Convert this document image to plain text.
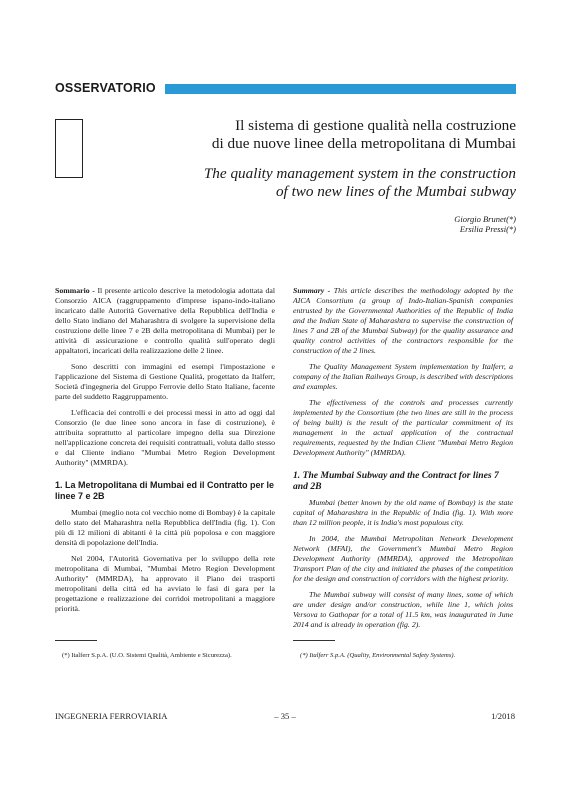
OSSERVATORIO
Il sistema di gestione qualità nella costruzione
di due nuove linee della metropolitana di Mumbai
The quality management system in the construction
of two new lines of the Mumbai subway
Giorgio Brunet(*)
Ersilia Pressi(*)

Sommario - Il presente articolo descrive la metodologia adottata dal Consorzio AICA (raggruppamento d'imprese ispano-indo-italiano incaricato dalle Autorità Governative della Repubblica dell'India e dello Stato indiano del Maharashtra di svolgere la supervisione della costruzione delle linee 7 e 2B della metropolitana di Mumbai) per le attività di assicurazione e controllo qualità sull'operato degli appaltatori, incaricati della realizzazione delle 2 linee.

Sono descritti con immagini ed esempi l'impostazione e l'applicazione del Sistema di Gestione Qualità, progettato da Italferr, Società d'ingegneria del Gruppo Ferrovie dello Stato Italiane, facente parte del suddetto Raggruppamento.

L'efficacia dei controlli e dei processi messi in atto ad oggi dal Consorzio (le due linee sono ancora in fase di costruzione), è attribuita soprattutto al particolare impegno della sua Direzione nell'applicazione concreta dei requisiti contrattuali, voluta dallo stesso e dal Cliente indiano "Mumbai Metro Region Development Authority" (MMRDA).

1. La Metropolitana di Mumbai ed il Contratto per le linee 7 e 2B

Mumbai (meglio nota col vecchio nome di Bombay) è la capitale dello stato del Maharashtra nella Repubblica dell'India (fig. 1). Con più di 12 milioni di abitanti è la città più popolosa e con maggiore densità di popolazione dell'India.

Nel 2004, l'Autorità Governativa per lo sviluppo della rete metropolitana di Mumbai, "Mumbai Metro Region Development Authority" (MMRDA), ha approvato il Piano dei trasporti metropolitani della città ed ha avviato le fasi di gara per la progettazione e realizzazione dei corridoi metropolitani a maggiore priorità.

Summary - This article describes the methodology adopted by the AICA Consortium (a group of Indo-Italian-Spanish companies entrusted by the Governmental Authorities of the Republic of India and the Indian State of Maharashtra to supervise the construction of lines 7 and 2B of the Mumbai Subway) for the quality assurance and quality control activities of the contractors responsible for the construction of the 2 lines.

The Quality Management System implementation by Italferr, a company of the Italian Railways Group, is described with descriptions and examples.

The effectiveness of the controls and processes currently implemented by the Consortium (the two lines are still in the process of being built) is the result of the particular commitment of its management in the actual application of the contractual requirements, requested by the Indian Client "Mumbai Metro Region Development Authority" (MMRDA).

1. The Mumbai Subway and the Contract for lines 7 and 2B

Mumbai (better known by the old name of Bombay) is the state capital of Maharashtra in the Republic of India (fig. 1). With more than 12 million people, it is India's most populous city.

In 2004, the Mumbai Metropolitan Network Development Network (MFAI), the Government's Mumbai Metro Region Development Authority (MMRDA), approved the Metropolitan Transport Plan of the city and initiated the phases of the competition for the design and construction of corridors with the highest priority.

The Mumbai subway will consist of many lines, some of which are under design and/or construction, while line 1, which joins Versova to Gathopar for a total of 11.5 km, was inaugurated in June 2014 and is already in operation (fig. 2).

(*) Italferr S.p.A. (U.O. Sistemi Qualità, Ambiente e Sicurezza).	(*) Italferr S.p.A. (Quality, Environmental Safety Systems).
INGEGNERIA FERROVIARIA	– 35 –	1/2018
